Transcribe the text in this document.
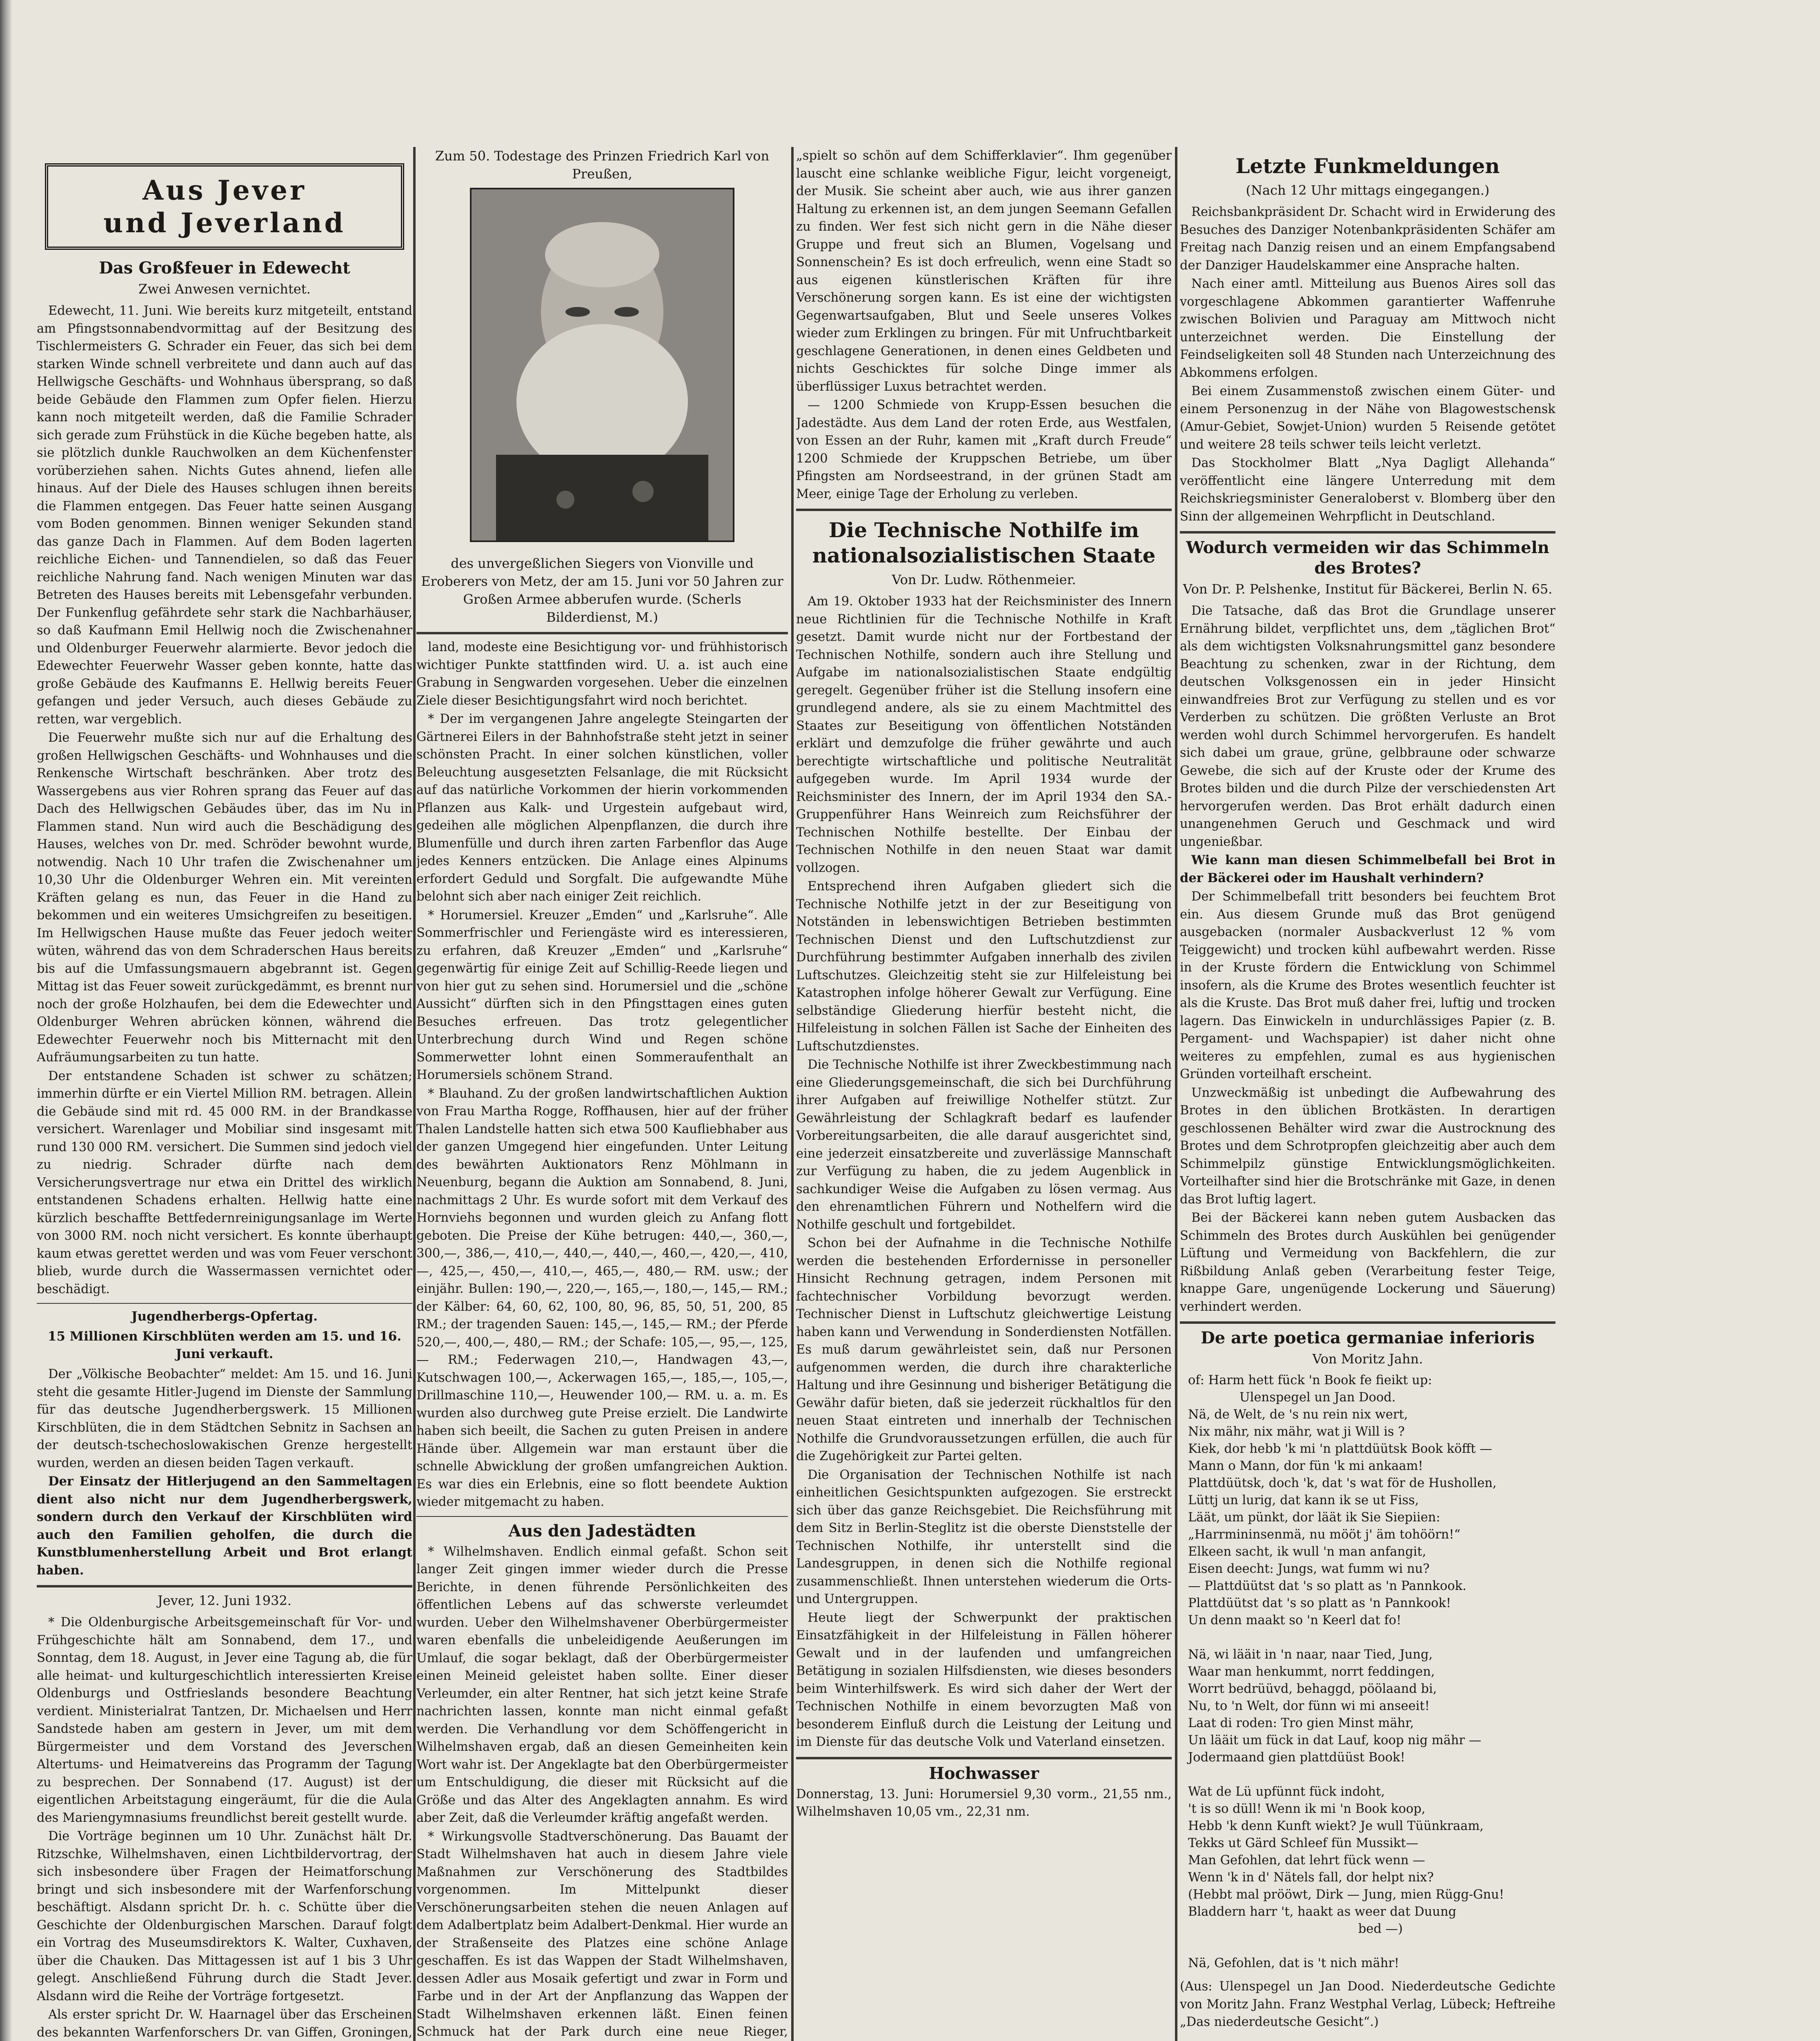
Aus Jever
und Jeverland
Das Großfeuer in Edewecht
Zwei Anwesen vernichtet.

Edewecht, 11. Juni. Wie bereits kurz mitgeteilt, entstand am Pfingstsonnabendvormittag auf der Besitzung des Tischlermeisters G. Schrader ein Feuer, das sich bei dem starken Winde schnell verbreitete und dann auch auf das Hellwigsche Geschäfts- und Wohnhaus übersprang, so daß beide Gebäude den Flammen zum Opfer fielen. Hierzu kann noch mitgeteilt werden, daß die Familie Schrader sich gerade zum Frühstück in die Küche begeben hatte, als sie plötzlich dunkle Rauchwolken an dem Küchenfenster vorüberziehen sahen. Nichts Gutes ahnend, liefen alle hinaus. Auf der Diele des Hauses schlugen ihnen bereits die Flammen entgegen. Das Feuer hatte seinen Ausgang vom Boden genommen. Binnen weniger Sekunden stand das ganze Dach in Flammen. Auf dem Boden lagerten reichliche Eichen- und Tannendielen, so daß das Feuer reichliche Nahrung fand. Nach wenigen Minuten war das Betreten des Hauses bereits mit Lebensgefahr verbunden. Der Funkenflug gefährdete sehr stark die Nachbarhäuser, so daß Kaufmann Emil Hellwig noch die Zwischenahner und Oldenburger Feuerwehr alarmierte. Bevor jedoch die Edewechter Feuerwehr Wasser geben konnte, hatte das große Gebäude des Kaufmanns E. Hellwig bereits Feuer gefangen und jeder Versuch, auch dieses Gebäude zu retten, war vergeblich.

Die Feuerwehr mußte sich nur auf die Erhaltung des großen Hellwigschen Geschäfts- und Wohnhauses und die Renkensche Wirtschaft beschränken. Aber trotz des Wassergebens aus vier Rohren sprang das Feuer auf das Dach des Hellwigschen Gebäudes über, das im Nu in Flammen stand. Nun wird auch die Beschädigung des Hauses, welches von Dr. med. Schröder bewohnt wurde, notwendig. Nach 10 Uhr trafen die Zwischenahner um 10,30 Uhr die Oldenburger Wehren ein. Mit vereinten Kräften gelang es nun, das Feuer in die Hand zu bekommen und ein weiteres Umsichgreifen zu beseitigen. Im Hellwigschen Hause mußte das Feuer jedoch weiter wüten, während das von dem Schraderschen Haus bereits bis auf die Umfassungsmauern abgebrannt ist. Gegen Mittag ist das Feuer soweit zurückgedämmt, es brennt nur noch der große Holzhaufen, bei dem die Edewechter und Oldenburger Wehren abrücken können, während die Edewechter Feuerwehr noch bis Mitternacht mit den Aufräumungsarbeiten zu tun hatte.

Der entstandene Schaden ist schwer zu schätzen; immerhin dürfte er ein Viertel Million RM. betragen. Allein die Gebäude sind mit rd. 45 000 RM. in der Brandkasse versichert. Warenlager und Mobiliar sind insgesamt mit rund 130 000 RM. versichert. Die Summen sind jedoch viel zu niedrig. Schrader dürfte nach dem Versicherungsvertrage nur etwa ein Drittel des wirklich entstandenen Schadens erhalten. Hellwig hatte eine kürzlich beschaffte Bettfedernreinigungsanlage im Werte von 3000 RM. noch nicht versichert. Es konnte überhaupt kaum etwas gerettet werden und was vom Feuer verschont blieb, wurde durch die Wassermassen vernichtet oder beschädigt.

Jugendherbergs-Opfertag.
15 Millionen Kirschblüten werden am 15. und 16. Juni verkauft.

Der „Völkische Beobachter“ meldet: Am 15. und 16. Juni steht die gesamte Hitler-Jugend im Dienste der Sammlung für das deutsche Jugendherbergswerk. 15 Millionen Kirschblüten, die in dem Städtchen Sebnitz in Sachsen an der deutsch-tschechoslowakischen Grenze hergestellt wurden, werden an diesen beiden Tagen verkauft.

Der Einsatz der Hitlerjugend an den Sammeltagen dient also nicht nur dem Jugendherbergswerk, sondern durch den Verkauf der Kirschblüten wird auch den Familien geholfen, die durch die Kunstblumenherstellung Arbeit und Brot erlangt haben.

Jever, 12. Juni 1932.

* Die Oldenburgische Arbeitsgemeinschaft für Vor- und Frühgeschichte hält am Sonnabend, dem 17., und Sonntag, dem 18. August, in Jever eine Tagung ab, die für alle heimat- und kulturgeschichtlich interessierten Kreise Oldenburgs und Ostfrieslands besondere Beachtung verdient. Ministerialrat Tantzen, Dr. Michaelsen und Herr Sandstede haben am gestern in Jever, um mit dem Bürgermeister und dem Vorstand des Jeverschen Altertums- und Heimatvereins das Programm der Tagung zu besprechen. Der Sonnabend (17. August) ist der eigentlichen Arbeitstagung eingeräumt, für die die Aula des Mariengymnasiums freundlichst bereit gestellt wurde.

Die Vorträge beginnen um 10 Uhr. Zunächst hält Dr. Ritzschke, Wilhelmshaven, einen Lichtbildervortrag, der sich insbesondere über Fragen der Heimatforschung bringt und sich insbesondere mit der Warfenforschung beschäftigt. Alsdann spricht Dr. h. c. Schütte über die Geschichte der Oldenburgischen Marschen. Darauf folgt ein Vortrag des Museumsdirektors K. Walter, Cuxhaven, über die Chauken. Das Mittagessen ist auf 1 bis 3 Uhr gelegt. Anschließend Führung durch die Stadt Jever. Alsdann wird die Reihe der Vorträge fortgesetzt.

Als erster spricht Dr. W. Haarnagel über das Erscheinen des bekannten Warfenforschers Dr. van Giffen, Groningen,

Zum 50. Todestage des Prinzen Friedrich Karl von Preußen,
des unvergeßlichen Siegers von Vionville und Eroberers von Metz, der am 15. Juni vor 50 Jahren zur Großen Armee abberufen wurde. (Scherls Bilderdienst, M.)

land, modeste eine Besichtigung vor- und frühhistorisch wichtiger Punkte stattfinden wird. U. a. ist auch eine Grabung in Sengwarden vorgesehen. Ueber die einzelnen Ziele dieser Besichtigungsfahrt wird noch berichtet.

* Der im vergangenen Jahre angelegte Steingarten der Gärtnerei Eilers in der Bahnhofstraße steht jetzt in seiner schönsten Pracht. In einer solchen künstlichen, voller Beleuchtung ausgesetzten Felsanlage, die mit Rücksicht auf das natürliche Vorkommen der hierin vorkommenden Pflanzen aus Kalk- und Urgestein aufgebaut wird, gedeihen alle möglichen Alpenpflanzen, die durch ihre Blumenfülle und durch ihren zarten Farbenflor das Auge jedes Kenners entzücken. Die Anlage eines Alpinums erfordert Geduld und Sorgfalt. Die aufgewandte Mühe belohnt sich aber nach einiger Zeit reichlich.

* Horumersiel. Kreuzer „Emden“ und „Karlsruhe“. Alle Sommerfrischler und Feriengäste wird es interessieren, zu erfahren, daß Kreuzer „Emden“ und „Karlsruhe“ gegenwärtig für einige Zeit auf Schillig-Reede liegen und von hier gut zu sehen sind. Horumersiel und die „schöne Aussicht“ dürften sich in den Pfingsttagen eines guten Besuches erfreuen. Das trotz gelegentlicher Unterbrechung durch Wind und Regen schöne Sommerwetter lohnt einen Sommeraufenthalt an Horumersiels schönem Strand.

* Blauhand. Zu der großen landwirtschaftlichen Auktion von Frau Martha Rogge, Roffhausen, hier auf der früher Thalen Landstelle hatten sich etwa 500 Kaufliebhaber aus der ganzen Umgegend hier eingefunden. Unter Leitung des bewährten Auktionators Renz Möhlmann in Neuenburg, begann die Auktion am Sonnabend, 8. Juni, nachmittags 2 Uhr. Es wurde sofort mit dem Verkauf des Hornviehs begonnen und wurden gleich zu Anfang flott geboten. Die Preise der Kühe betrugen: 440,—, 360,—, 300,—, 386,—, 410,—, 440,—, 440,—, 460,—, 420,—, 410,—, 425,—, 450,—, 410,—, 465,—, 480,— RM. usw.; der einjähr. Bullen: 190,—, 220,—, 165,—, 180,—, 145,— RM.; der Kälber: 64, 60, 62, 100, 80, 96, 85, 50, 51, 200, 85 RM.; der tragenden Sauen: 145,—, 145,— RM.; der Pferde 520,—, 400,—, 480,— RM.; der Schafe: 105,—, 95,—, 125,— RM.; Federwagen 210,—, Handwagen 43,—, Kutschwagen 100,—, Ackerwagen 165,—, 185,—, 105,—, Drillmaschine 110,—, Heuwender 100,— RM. u. a. m. Es wurden also durchweg gute Preise erzielt. Die Landwirte haben sich beeilt, die Sachen zu guten Preisen in andere Hände über. Allgemein war man erstaunt über die schnelle Abwicklung der großen umfangreichen Auktion. Es war dies ein Erlebnis, eine so flott beendete Auktion wieder mitgemacht zu haben.

Aus den Jadestädten

* Wilhelmshaven. Endlich einmal gefaßt. Schon seit langer Zeit gingen immer wieder durch die Presse Berichte, in denen führende Persönlichkeiten des öffentlichen Lebens auf das schwerste verleumdet wurden. Ueber den Wilhelmshavener Oberbürgermeister waren ebenfalls die unbeleidigende Aeußerungen im Umlauf, die sogar beklagt, daß der Oberbürgermeister einen Meineid geleistet haben sollte. Einer dieser Verleumder, ein alter Rentner, hat sich jetzt keine Strafe nachrichten lassen, konnte man nicht einmal gefaßt werden. Die Verhandlung vor dem Schöffengericht in Wilhelmshaven ergab, daß an diesen Gemeinheiten kein Wort wahr ist. Der Angeklagte bat den Oberbürgermeister um Entschuldigung, die dieser mit Rücksicht auf die Größe und das Alter des Angeklagten annahm. Es wird aber Zeit, daß die Verleumder kräftig angefaßt werden.

* Wirkungsvolle Stadtverschönerung. Das Bauamt der Stadt Wilhelmshaven hat auch in diesem Jahre viele Maßnahmen zur Verschönerung des Stadtbildes vorgenommen. Im Mittelpunkt dieser Verschönerungsarbeiten stehen die neuen Anlagen auf dem Adalbertplatz beim Adalbert-Denkmal. Hier wurde an der Straßenseite des Platzes eine schöne Anlage geschaffen. Es ist das Wappen der Stadt Wilhelmshaven, dessen Adler aus Mosaik gefertigt und zwar in Form und Farbe und in der Art der Anpflanzung das Wappen der Stadt Wilhelmshaven erkennen läßt. Einen feinen Schmuck hat der Park durch eine neue Rieger,

„spielt so schön auf dem Schifferklavier“. Ihm gegenüber lauscht eine schlanke weibliche Figur, leicht vorgeneigt, der Musik. Sie scheint aber auch, wie aus ihrer ganzen Haltung zu erkennen ist, an dem jungen Seemann Gefallen zu finden. Wer fest sich nicht gern in die Nähe dieser Gruppe und freut sich an Blumen, Vogelsang und Sonnenschein? Es ist doch erfreulich, wenn eine Stadt so aus eigenen künstlerischen Kräften für ihre Verschönerung sorgen kann. Es ist eine der wichtigsten Gegenwartsaufgaben, Blut und Seele unseres Volkes wieder zum Erklingen zu bringen. Für mit Unfruchtbarkeit geschlagene Generationen, in denen eines Geldbeten und nichts Geschicktes für solche Dinge immer als überflüssiger Luxus betrachtet werden.

— 1200 Schmiede von Krupp-Essen besuchen die Jadestädte. Aus dem Land der roten Erde, aus Westfalen, von Essen an der Ruhr, kamen mit „Kraft durch Freude“ 1200 Schmiede der Kruppschen Betriebe, um über Pfingsten am Nordseestrand, in der grünen Stadt am Meer, einige Tage der Erholung zu verleben.

Die Technische Nothilfe im nationalsozialistischen Staate
Von Dr. Ludw. Röthenmeier.

Am 19. Oktober 1933 hat der Reichsminister des Innern neue Richtlinien für die Technische Nothilfe in Kraft gesetzt. Damit wurde nicht nur der Fortbestand der Technischen Nothilfe, sondern auch ihre Stellung und Aufgabe im nationalsozialistischen Staate endgültig geregelt. Gegenüber früher ist die Stellung insofern eine grundlegend andere, als sie zu einem Machtmittel des Staates zur Beseitigung von öffentlichen Notständen erklärt und demzufolge die früher gewährte und auch berechtigte wirtschaftliche und politische Neutralität aufgegeben wurde. Im April 1934 wurde der Reichsminister des Innern, der im April 1934 den SA.-Gruppenführer Hans Weinreich zum Reichsführer der Technischen Nothilfe bestellte. Der Einbau der Technischen Nothilfe in den neuen Staat war damit vollzogen.

Entsprechend ihren Aufgaben gliedert sich die Technische Nothilfe jetzt in der zur Beseitigung von Notständen in lebenswichtigen Betrieben bestimmten Technischen Dienst und den Luftschutzdienst zur Durchführung bestimmter Aufgaben innerhalb des zivilen Luftschutzes. Gleichzeitig steht sie zur Hilfeleistung bei Katastrophen infolge höherer Gewalt zur Verfügung. Eine selbständige Gliederung hierfür besteht nicht, die Hilfeleistung in solchen Fällen ist Sache der Einheiten des Luftschutzdienstes.

Die Technische Nothilfe ist ihrer Zweckbestimmung nach eine Gliederungsgemeinschaft, die sich bei Durchführung ihrer Aufgaben auf freiwillige Nothelfer stützt. Zur Gewährleistung der Schlagkraft bedarf es laufender Vorbereitungsarbeiten, die alle darauf ausgerichtet sind, eine jederzeit einsatzbereite und zuverlässige Mannschaft zur Verfügung zu haben, die zu jedem Augenblick in sachkundiger Weise die Aufgaben zu lösen vermag. Aus den ehrenamtlichen Führern und Nothelfern wird die Nothilfe geschult und fortgebildet.

Schon bei der Aufnahme in die Technische Nothilfe werden die bestehenden Erfordernisse in personeller Hinsicht Rechnung getragen, indem Personen mit fachtechnischer Vorbildung bevorzugt werden. Technischer Dienst in Luftschutz gleichwertige Leistung haben kann und Verwendung in Sonderdiensten Notfällen. Es muß darum gewährleistet sein, daß nur Personen aufgenommen werden, die durch ihre charakterliche Haltung und ihre Gesinnung und bisheriger Betätigung die Gewähr dafür bieten, daß sie jederzeit rückhaltlos für den neuen Staat eintreten und innerhalb der Technischen Nothilfe die Grundvoraussetzungen erfüllen, die auch für die Zugehörigkeit zur Partei gelten.

Die Organisation der Technischen Nothilfe ist nach einheitlichen Gesichtspunkten aufgezogen. Sie erstreckt sich über das ganze Reichsgebiet. Die Reichsführung mit dem Sitz in Berlin-Steglitz ist die oberste Dienststelle der Technischen Nothilfe, ihr unterstellt sind die Landesgruppen, in denen sich die Nothilfe regional zusammenschließt. Ihnen unterstehen wiederum die Orts- und Untergruppen.

Heute liegt der Schwerpunkt der praktischen Einsatzfähigkeit in der Hilfeleistung in Fällen höherer Gewalt und in der laufenden und umfangreichen Betätigung in sozialen Hilfsdiensten, wie dieses besonders beim Winterhilfswerk. Es wird sich daher der Wert der Technischen Nothilfe in einem bevorzugten Maß von besonderem Einfluß durch die Leistung der Leitung und im Dienste für das deutsche Volk und Vaterland einsetzen.

Hochwasser

Donnerstag, 13. Juni: Horumersiel 9,30 vorm., 21,55 nm., Wilhelmshaven 10,05 vm., 22,31 nm.

Letzte Funkmeldungen
(Nach 12 Uhr mittags eingegangen.)

Reichsbankpräsident Dr. Schacht wird in Erwiderung des Besuches des Danziger Notenbankpräsidenten Schäfer am Freitag nach Danzig reisen und an einem Empfangsabend der Danziger Haudelskammer eine Ansprache halten.

Nach einer amtl. Mitteilung aus Buenos Aires soll das vorgeschlagene Abkommen garantierter Waffenruhe zwischen Bolivien und Paraguay am Mittwoch nicht unterzeichnet werden. Die Einstellung der Feindseligkeiten soll 48 Stunden nach Unterzeichnung des Abkommens erfolgen.

Bei einem Zusammenstoß zwischen einem Güter- und einem Personenzug in der Nähe von Blagowestschensk (Amur-Gebiet, Sowjet-Union) wurden 5 Reisende getötet und weitere 28 teils schwer teils leicht verletzt.

Das Stockholmer Blatt „Nya Dagligt Allehanda“ veröffentlicht eine längere Unterredung mit dem Reichskriegsminister Generaloberst v. Blomberg über den Sinn der allgemeinen Wehrpflicht in Deutschland.

Wodurch vermeiden wir das Schimmeln des Brotes?
Von Dr. P. Pelshenke, Institut für Bäckerei, Berlin N. 65.

Die Tatsache, daß das Brot die Grundlage unserer Ernährung bildet, verpflichtet uns, dem „täglichen Brot“ als dem wichtigsten Volksnahrungsmittel ganz besondere Beachtung zu schenken, zwar in der Richtung, dem deutschen Volksgenossen ein in jeder Hinsicht einwandfreies Brot zur Verfügung zu stellen und es vor Verderben zu schützen. Die größten Verluste an Brot werden wohl durch Schimmel hervorgerufen. Es handelt sich dabei um graue, grüne, gelbbraune oder schwarze Gewebe, die sich auf der Kruste oder der Krume des Brotes bilden und die durch Pilze der verschiedensten Art hervorgerufen werden. Das Brot erhält dadurch einen unangenehmen Geruch und Geschmack und wird ungenießbar.

Wie kann man diesen Schimmelbefall bei Brot in der Bäckerei oder im Haushalt verhindern?

Der Schimmelbefall tritt besonders bei feuchtem Brot ein. Aus diesem Grunde muß das Brot genügend ausgebacken (normaler Ausbackverlust 12 % vom Teiggewicht) und trocken kühl aufbewahrt werden. Risse in der Kruste fördern die Entwicklung von Schimmel insofern, als die Krume des Brotes wesentlich feuchter ist als die Kruste. Das Brot muß daher frei, luftig und trocken lagern. Das Einwickeln in undurchlässiges Papier (z. B. Pergament- und Wachspapier) ist daher nicht ohne weiteres zu empfehlen, zumal es aus hygienischen Gründen vorteilhaft erscheint.

Unzweckmäßig ist unbedingt die Aufbewahrung des Brotes in den üblichen Brotkästen. In derartigen geschlossenen Behälter wird zwar die Austrocknung des Brotes und dem Schrotpropfen gleichzeitig aber auch dem Schimmelpilz günstige Entwicklungsmöglichkeiten. Vorteilhafter sind hier die Brotschränke mit Gaze, in denen das Brot luftig lagert.

Bei der Bäckerei kann neben gutem Ausbacken das Schimmeln des Brotes durch Auskühlen bei genügender Lüftung und Vermeidung von Backfehlern, die zur Rißbildung Anlaß geben (Verarbeitung fester Teige, knappe Gare, ungenügende Lockerung und Säuerung) verhindert werden.

De arte poetica germaniae inferioris
Von Moritz Jahn.
of: Harm hett fück 'n Book fe fieikt up:
Ulenspegel un Jan Dood.
Nä, de Welt, de 's nu rein nix wert,
Nix mähr, nix mähr, wat ji Will is ?
Kiek, dor hebb 'k mi 'n plattdüütsk Book köfft —
Mann o Mann, dor fün 'k mi ankaam!
Plattdüütsk, doch 'k, dat 's wat för de Hushollen,
Lüttj un lurig, dat kann ik se ut Fiss,
Läät, um pünkt, dor läät ik Sie Siepiien:
„Harrmininsenmä, nu mööt j' äm tohöörn!“
Elkeen sacht, ik wull 'n man anfangit,
Eisen deecht: Jungs, wat fumm wi nu?
— Plattdüütst dat 's so platt as 'n Pannkook.
Plattdüütst dat 's so platt as 'n Pannkook!
Un denn maakt so 'n Keerl dat fo!

Nä, wi lääit in 'n naar, naar Tied, Jung,
Waar man henkummt, norrt feddingen,
Worrt bedrüüvd, behaggd, pöölaand bi,
Nu, to 'n Welt, dor fünn wi mi anseeit!
Laat di roden: Tro gien Minst mähr,
Un lääit um fück in dat Lauf, koop nig mähr —
Jodermaand gien plattdüüst Book!

Wat de Lü upfünnt fück indoht,
't is so düll! Wenn ik mi 'n Book koop,
Hebb 'k denn Kunft wiekt? Je wull Tüünkraam,
Tekks ut Gärd Schleef fün Mussikt—
Man Gefohlen, dat lehrt fück wenn —
Wenn 'k in d' Nätels fall, dor helpt nix?
(Hebbt mal prööwt, Dirk — Jung, mien Rügg-Gnu!
Bladdern harr 't, haakt as weer dat Duung
bed —)

Nä, Gefohlen, dat is 't nich mähr!

(Aus: Ulenspegel un Jan Dood. Niederdeutsche Gedichte von Moritz Jahn. Franz Westphal Verlag, Lübeck; Heftreihe „Das niederdeutsche Gesicht“.)
